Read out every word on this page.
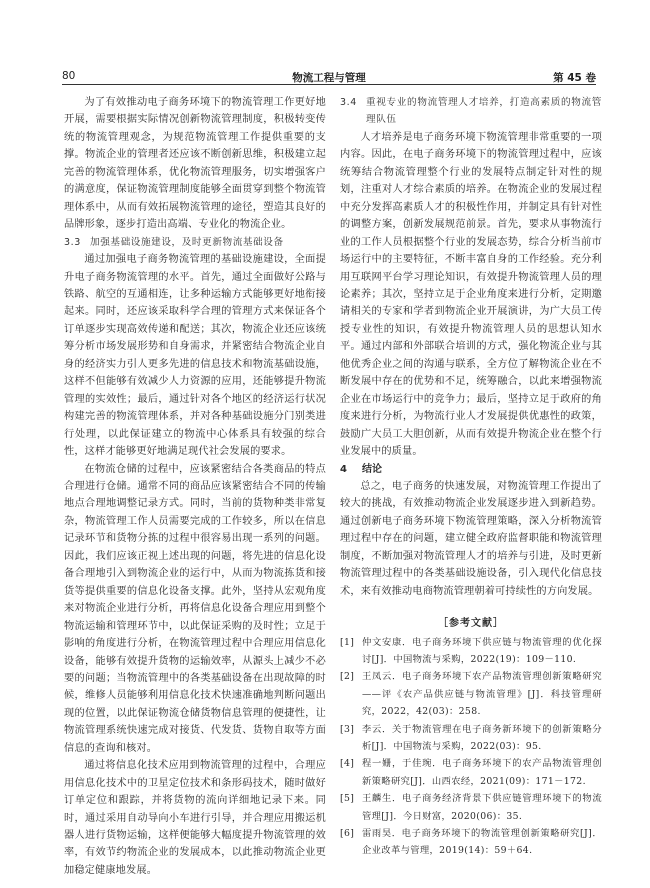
80	物流工程与管理	第 45 卷

为了有效推动电子商务环境下的物流管理工作更好地开展，需要根据实际情况创新物流管理制度，积极转变传统的物流管理观念，为规范物流管理工作提供重要的支撑。物流企业的管理者还应该不断创新思维，积极建立起完善的物流管理体系，优化物流管理服务，切实增强客户的满意度，保证物流管理制度能够全面贯穿到整个物流管理体系中，从而有效拓展物流管理的途径，塑造其良好的品牌形象，逐步打造出高端、专业化的物流企业。

3.3 加强基础设施建设，及时更新物流基础设备

通过加强电子商务物流管理的基础设施建设，全面提升电子商务物流管理的水平。首先，通过全面做好公路与铁路、航空的互通相连，让多种运输方式能够更好地衔接起来。同时，还应该采取科学合理的管理方式来保证各个订单逐步实现高效传递和配送；其次，物流企业还应该统筹分析市场发展形势和自身需求，并紧密结合物流企业自身的经济实力引人更多先进的信息技术和物流基础设施，这样不但能够有效减少人力资源的应用，还能够提升物流管理的实效性；最后，通过针对各个地区的经济运行状况构建完善的物流管理体系，并对各种基础设施分门别类进行处理，以此保证建立的物流中心体系具有较强的综合性，这样才能够更好地满足现代社会发展的要求。

在物流仓储的过程中，应该紧密结合各类商品的特点合理进行仓储。通常不同的商品应该紧密结合不同的传输地点合理地调整记录方式。同时，当前的货物种类非常复杂，物流管理工作人员需要完成的工作较多，所以在信息记录环节和货物分拣的过程中很容易出现一系列的问题。因此，我们应该正视上述出现的问题，将先进的信息化设备合理地引入到物流企业的运行中，从而为物流拣货和接货等提供重要的信息化设备支撑。此外，坚持从宏观角度来对物流企业进行分析，再将信息化设备合理应用到整个物流运输和管理环节中，以此保证采购的及时性；立足于影响的角度进行分析，在物流管理过程中合理应用信息化设备，能够有效提升货物的运输效率，从源头上减少不必要的问题；当物流管理中的各类基础设备在出现故障的时候，维修人员能够利用信息化技术快速准确地判断问题出现的位置，以此保证物流仓储货物信息管理的便捷性，让物流管理系统快速完成对接货、代发货、货物自取等方面信息的查询和核对。

通过将信息化技术应用到物流管理的过程中，合理应用信息化技术中的卫星定位技术和条形码技术，随时做好订单定位和跟踪，并将货物的流向详细地记录下来。同时，通过采用自动导向小车进行引导，并合理应用搬运机器人进行货物运输，这样便能够大幅度提升物流管理的效率，有效节约物流企业的发展成本，以此推动物流企业更加稳定健康地发展。

3.4 重视专业的物流管理人才培养，打造高素质的物流管理队伍

人才培养是电子商务环境下物流管理非常重要的一项内容。因此，在电子商务环境下的物流管理过程中，应该统筹结合物流管理整个行业的发展特点制定针对性的规划，注重对人才综合素质的培养。在物流企业的发展过程中充分发挥高素质人才的积极性作用，并制定具有针对性的调整方案，创新发展规范前景。首先，要求从事物流行业的工作人员根据整个行业的发展态势，综合分析当前市场运行中的主要特征，不断丰富自身的工作经验。充分利用互联网平台学习理论知识，有效提升物流管理人员的理论素养；其次，坚持立足于企业角度来进行分析，定期邀请相关的专家和学者到物流企业开展演讲，为广大员工传授专业性的知识，有效提升物流管理人员的思想认知水平。通过内部和外部联合培训的方式，强化物流企业与其他优秀企业之间的沟通与联系，全方位了解物流企业在不断发展中存在的优势和不足，统筹融合，以此来增强物流企业在市场运行中的竞争力；最后，坚持立足于政府的角度来进行分析，为物流行业人才发展提供优惠性的政策，鼓励广大员工大胆创新，从而有效提升物流企业在整个行业发展中的质量。

4 结论

总之，电子商务的快速发展，对物流管理工作提出了较大的挑战，有效推动物流企业发展逐步进入到新趋势。通过创新电子商务环境下物流管理策略，深入分析物流管理过程中存在的问题，建立健全政府监督职能和物流管理制度，不断加强对物流管理人才的培养与引进，及时更新物流管理过程中的各类基础设施设备，引入现代化信息技术，来有效推动电商物流管理朝着可持续性的方向发展。

［参考文献］
[1] 仲文安康．电子商务环境下供应链与物流管理的优化探讨[J]．中国物流与采购，2022(19)：109－110.
[2] 王凤云．电子商务环境下农产品物流管理创新策略研究——评《农产品供应链与物流管理》[J]．科技管理研究，2022，42(03)：258.
[3] 李云．关于物流管理在电子商务新环境下的创新策略分析[J]．中国物流与采购，2022(03)：95.
[4] 程一姗，于佳琬．电子商务环境下的农产品物流管理创新策略研究[J]．山西农经，2021(09)：171－172.
[5] 王麟生．电子商务经济背景下供应链管理环境下的物流管理[J]．今日财富，2020(06)：35.
[6] 雷雨昊．电子商务环境下的物流管理创新策略研究[J]．企业改革与管理，2019(14)：59＋64.
